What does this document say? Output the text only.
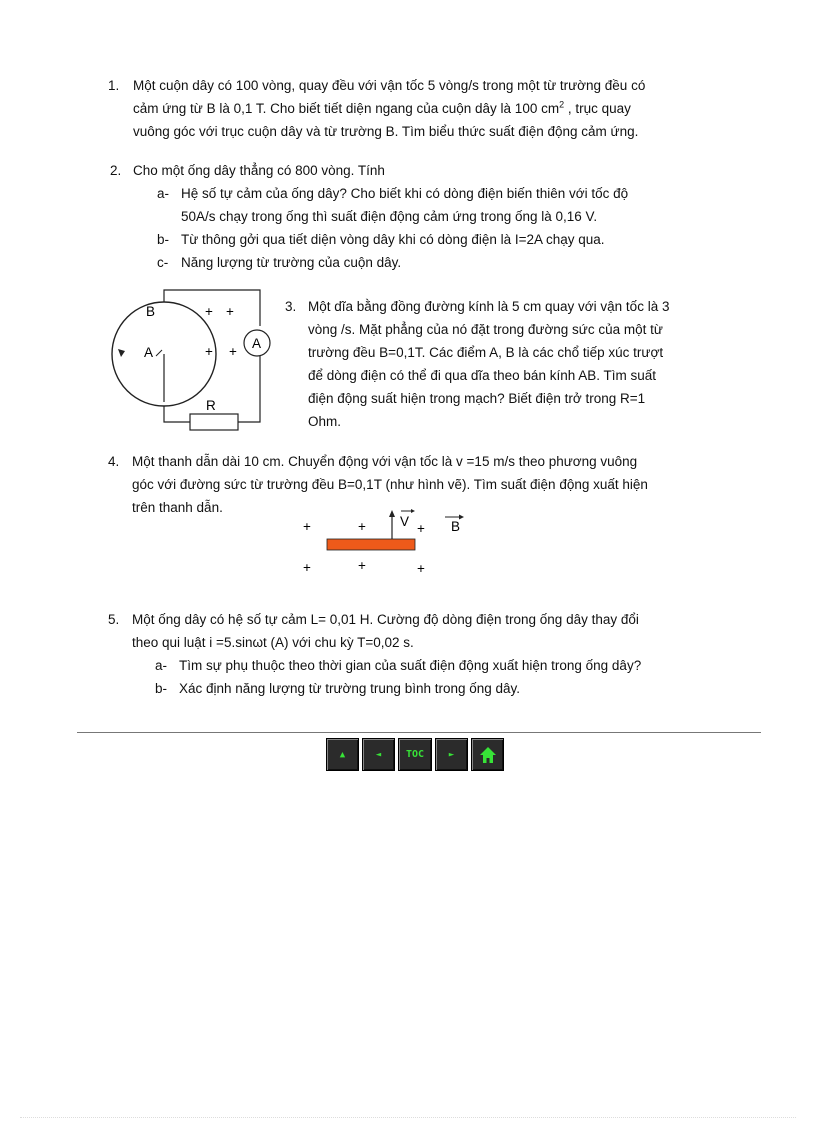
1. Một cuộn dây có 100 vòng, quay đều với vận tốc 5 vòng/s trong một từ trường đều có
cảm ứng từ B là 0,1 T. Cho biết tiết diện ngang của cuộn dây là 100 $cm^2$ , trục quay
vuông góc với trục cuộn dây và từ trường B. Tìm biểu thức suất điện động cảm ứng.
2. Cho một ống dây thẳng có 800 vòng. Tính
a- Hệ số tự cảm của ống dây? Cho biết khi có dòng điện biến thiên với tốc độ
50A/s chạy trong ống thì suất điện động cảm ứng trong ống là 0,16 V.
b- Từ thông gởi qua tiết diện vòng dây khi có dòng điện là I=2A chạy qua.
c- Năng lượng từ trường của cuộn dây.
B
A
A
R
+ +
+ +
3. Một dĩa bằng đồng đường kính là 5 cm quay với vận tốc là 3
vòng /s. Mặt phẳng của nó đặt trong đường sức của một từ
trường đều B=0,1T. Các điểm A, B là các chổ tiếp xúc trượt
để dòng điện có thể đi qua dĩa theo bán kính AB. Tìm suất
điện động suất hiện trong mạch? Biết điện trở trong R=1
Ohm.
4. Một thanh dẫn dài 10 cm. Chuyển động với vận tốc là v =15 m/s theo phương vuông
góc với đường sức từ trường đều B=0,1T (như hình vẽ). Tìm suất điện động xuất hiện
trên thanh dẫn.
V	B
+	+	+
+	+	+
5. Một ống dây có hệ số tự cảm L= 0,01 H. Cường độ dòng điện trong ống dây thay đổi
theo qui luật i =5.sinωt (A) với chu kỳ T=0,02 s.
a- Tìm sự phụ thuộc theo thời gian của suất điện động xuất hiện trong ống dây?
b- Xác định năng lượng từ trường trung bình trong ống dây.
▲	◄ TOC	►
